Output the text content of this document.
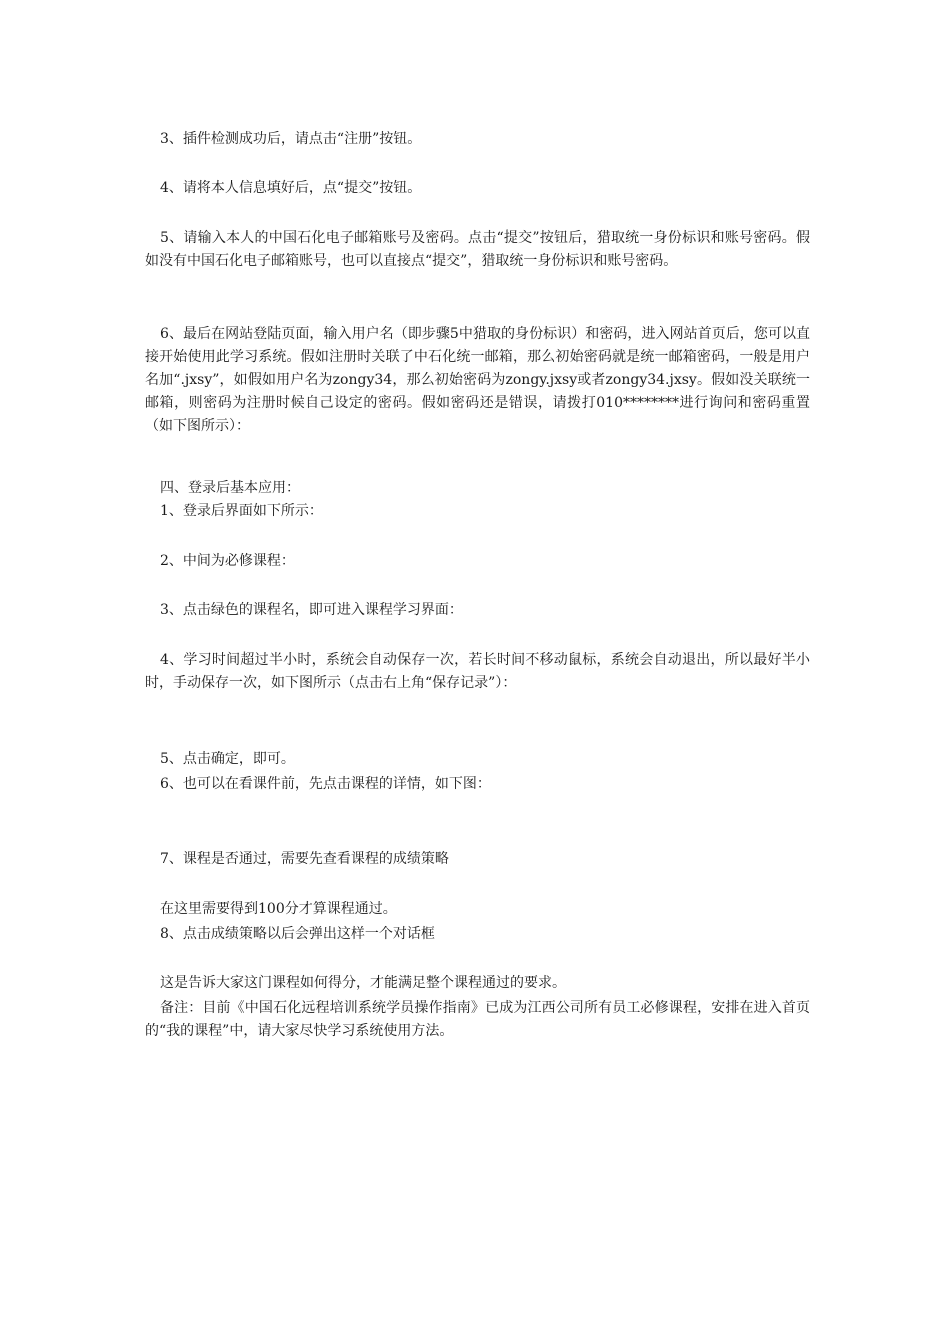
3、插件检测成功后，请点击“注册”按钮。

4、请将本人信息填好后，点“提交”按钮。

5、请输入本人的中国石化电子邮箱账号及密码。点击“提交”按钮后，猎取统一身份标识和账号密码。假如没有中国石化电子邮箱账号，也可以直接点“提交”，猎取统一身份标识和账号密码。

6、最后在网站登陆页面，输入用户名（即步骤5中猎取的身份标识）和密码，进入网站首页后，您可以直接开始使用此学习系统。假如注册时关联了中石化统一邮箱，那么初始密码就是统一邮箱密码，一般是用户名加“.jxsy”，如假如用户名为zongy34，那么初始密码为zongy.jxsy或者zongy34.jxsy。假如没关联统一邮箱，则密码为注册时候自己设定的密码。假如密码还是错误，请拨打010********进行询问和密码重置（如下图所示）：

四、登录后基本应用：

1、登录后界面如下所示：

2、中间为必修课程：

3、点击绿色的课程名，即可进入课程学习界面：

4、学习时间超过半小时，系统会自动保存一次，若长时间不移动鼠标，系统会自动退出，所以最好半小时，手动保存一次，如下图所示（点击右上角“保存记录”）：

5、点击确定，即可。

6、也可以在看课件前，先点击课程的详情，如下图：

7、课程是否通过，需要先查看课程的成绩策略

在这里需要得到100分才算课程通过。

8、点击成绩策略以后会弹出这样一个对话框

这是告诉大家这门课程如何得分，才能满足整个课程通过的要求。

备注：目前《中国石化远程培训系统学员操作指南》已成为江西公司所有员工必修课程，安排在进入首页的“我的课程”中，请大家尽快学习系统使用方法。
